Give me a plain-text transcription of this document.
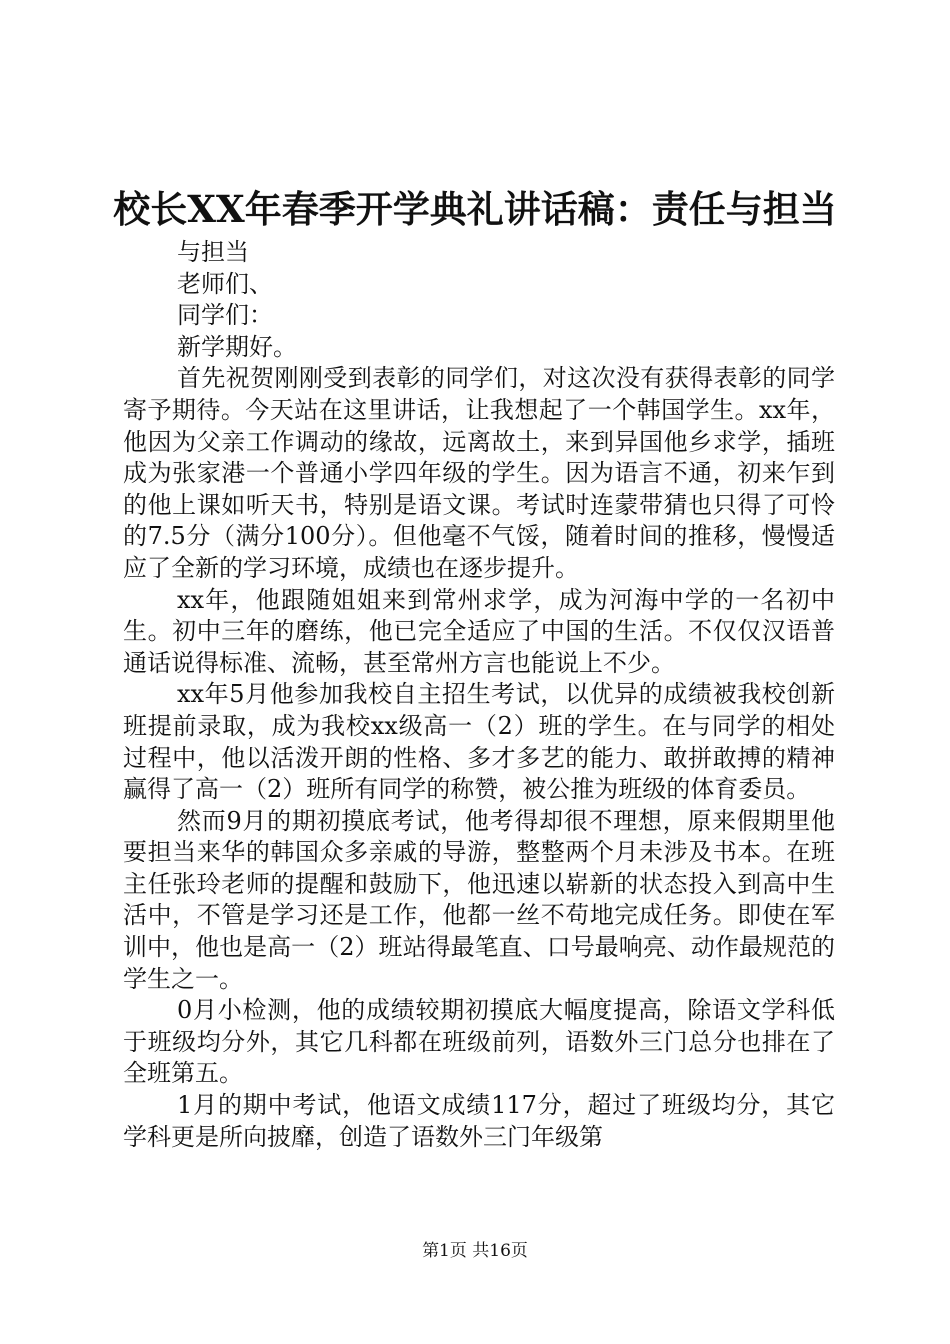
校长XX年春季开学典礼讲话稿：责任与担当

与担当

老师们、

同学们：

新学期好。

首先祝贺刚刚受到表彰的同学们，对这次没有获得表彰的同学寄予期待。今天站在这里讲话，让我想起了一个韩国学生。xx年，他因为父亲工作调动的缘故，远离故土，来到异国他乡求学，插班成为张家港一个普通小学四年级的学生。因为语言不通，初来乍到的他上课如听天书，特别是语文课。考试时连蒙带猜也只得了可怜的7.5分（满分100分）。但他毫不气馁，随着时间的推移，慢慢适应了全新的学习环境，成绩也在逐步提升。

xx年，他跟随姐姐来到常州求学，成为河海中学的一名初中生。初中三年的磨练，他已完全适应了中国的生活。不仅仅汉语普通话说得标准、流畅，甚至常州方言也能说上不少。

xx年5月他参加我校自主招生考试，以优异的成绩被我校创新班提前录取，成为我校xx级高一（2）班的学生。在与同学的相处过程中，他以活泼开朗的性格、多才多艺的能力、敢拼敢搏的精神赢得了高一（2）班所有同学的称赞，被公推为班级的体育委员。

然而9月的期初摸底考试，他考得却很不理想，原来假期里他要担当来华的韩国众多亲戚的导游，整整两个月未涉及书本。在班主任张玲老师的提醒和鼓励下，他迅速以崭新的状态投入到高中生活中，不管是学习还是工作，他都一丝不苟地完成任务。即使在军训中，他也是高一（2）班站得最笔直、口号最响亮、动作最规范的学生之一。

0月小检测，他的成绩较期初摸底大幅度提高，除语文学科低于班级均分外，其它几科都在班级前列，语数外三门总分也排在了全班第五。

1月的期中考试，他语文成绩117分，超过了班级均分，其它学科更是所向披靡，创造了语数外三门年级第

第1页 共16页
